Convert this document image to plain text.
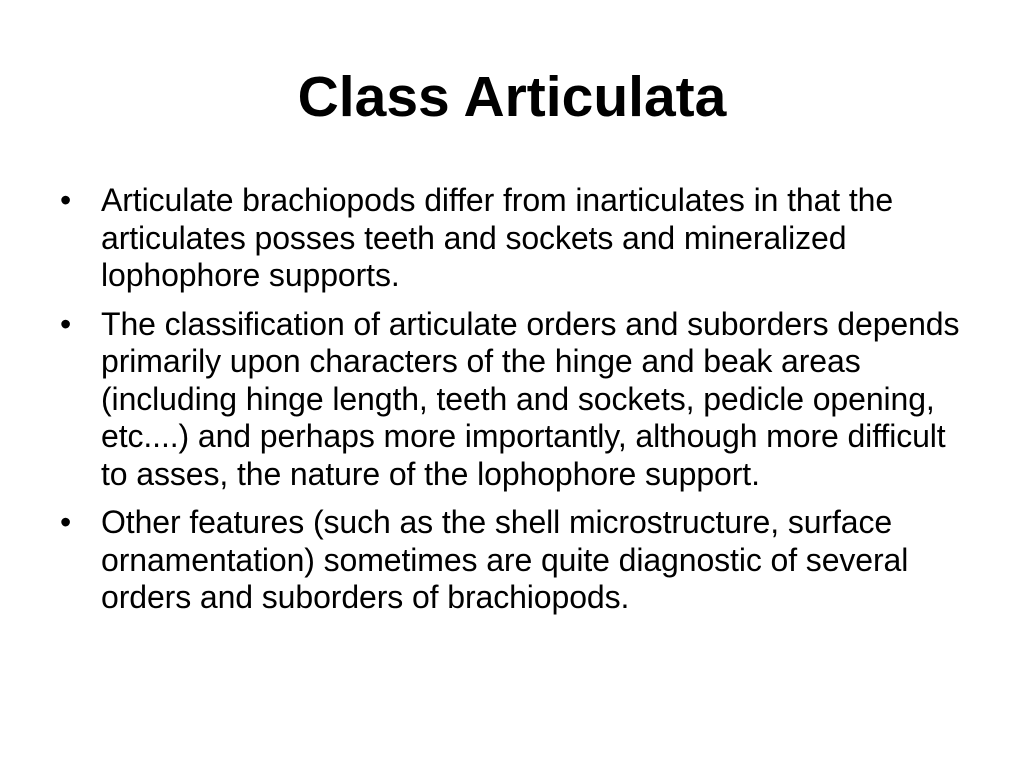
Class Articulata
• Articulate brachiopods differ from inarticulates in that the articulates posses teeth and sockets and mineralized lophophore supports.
• The classification of articulate orders and suborders depends primarily upon characters of the hinge and beak areas (including hinge length, teeth and sockets, pedicle opening, etc....) and perhaps more importantly, although more difficult to asses, the nature of the lophophore support.
• Other features (such as the shell microstructure, surface ornamentation) sometimes are quite diagnostic of several orders and suborders of brachiopods.
